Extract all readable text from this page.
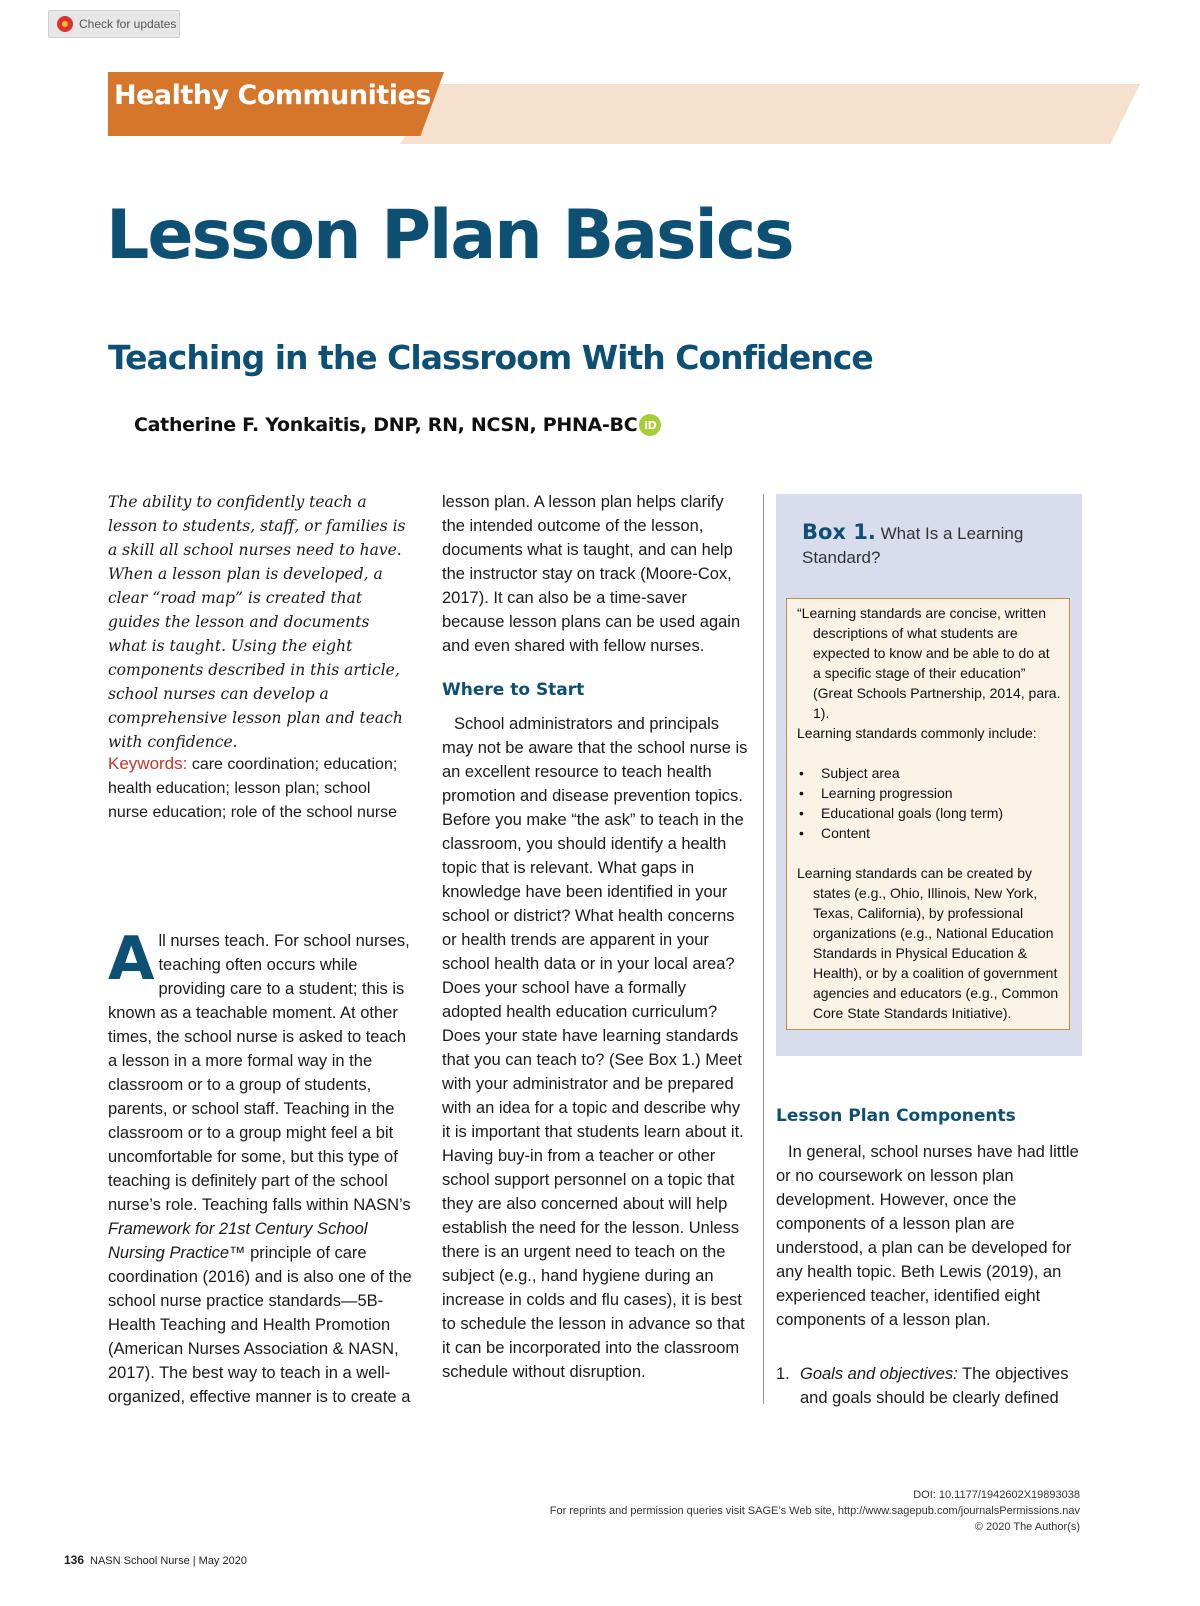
Check for updates
Healthy Communities
Lesson Plan Basics
Teaching in the Classroom With Confidence
Catherine F. Yonkaitis, DNP, RN, NCSN, PHNA-BC iD
The ability to confidently teach a lesson to students, staff, or families is a skill all school nurses need to have. When a lesson plan is developed, a clear “road map” is created that guides the lesson and documents what is taught. Using the eight components described in this article, school nurses can develop a comprehensive lesson plan and teach with confidence.
Keywords: care coordination; education; health education; lesson plan; school nurse education; role of the school nurse
All nurses teach. For school nurses, teaching often occurs while providing care to a student; this is known as a teachable moment. At other times, the school nurse is asked to teach a lesson in a more formal way in the classroom or to a group of students, parents, or school staff. Teaching in the classroom or to a group might feel a bit uncomfortable for some, but this type of teaching is definitely part of the school nurse’s role. Teaching falls within NASN’s Framework for 21st Century School Nursing Practice™ principle of care coordination (2016) and is also one of the school nurse practice standards—5B-Health Teaching and Health Promotion (American Nurses Association & NASN, 2017). The best way to teach in a well-organized, effective manner is to create a
lesson plan. A lesson plan helps clarify the intended outcome of the lesson, documents what is taught, and can help the instructor stay on track (Moore-Cox, 2017). It can also be a time-saver because lesson plans can be used again and even shared with fellow nurses.
Where to Start
School administrators and principals may not be aware that the school nurse is an excellent resource to teach health promotion and disease prevention topics. Before you make “the ask” to teach in the classroom, you should identify a health topic that is relevant. What gaps in knowledge have been identified in your school or district? What health concerns or health trends are apparent in your school health data or in your local area? Does your school have a formally adopted health education curriculum? Does your state have learning standards that you can teach to? (See Box 1.) Meet with your administrator and be prepared with an idea for a topic and describe why it is important that students learn about it. Having buy-in from a teacher or other school support personnel on a topic that they are also concerned about will help establish the need for the lesson. Unless there is an urgent need to teach on the subject (e.g., hand hygiene during an increase in colds and flu cases), it is best to schedule the lesson in advance so that it can be incorporated into the classroom schedule without disruption.
Box 1. What Is a Learning Standard?

“Learning standards are concise, written descriptions of what students are expected to know and be able to do at a specific stage of their education” (Great Schools Partnership, 2014, para. 1).

Learning standards commonly include:

• Subject area
• Learning progression
• Educational goals (long term)
• Content

Learning standards can be created by states (e.g., Ohio, Illinois, New York, Texas, California), by professional organizations (e.g., National Education Standards in Physical Education & Health), or by a coalition of government agencies and educators (e.g., Common Core State Standards Initiative).

Lesson Plan Components
In general, school nurses have had little or no coursework on lesson plan development. However, once the components of a lesson plan are understood, a plan can be developed for any health topic. Beth Lewis (2019), an experienced teacher, identified eight components of a lesson plan.
1. Goals and objectives: The objectives and goals should be clearly defined
136 NASN School Nurse | May 2020
DOI: 10.1177/1942602X19893038
For reprints and permission queries visit SAGE’s Web site, http://www.sagepub.com/journalsPermissions.nav
© 2020 The Author(s)
